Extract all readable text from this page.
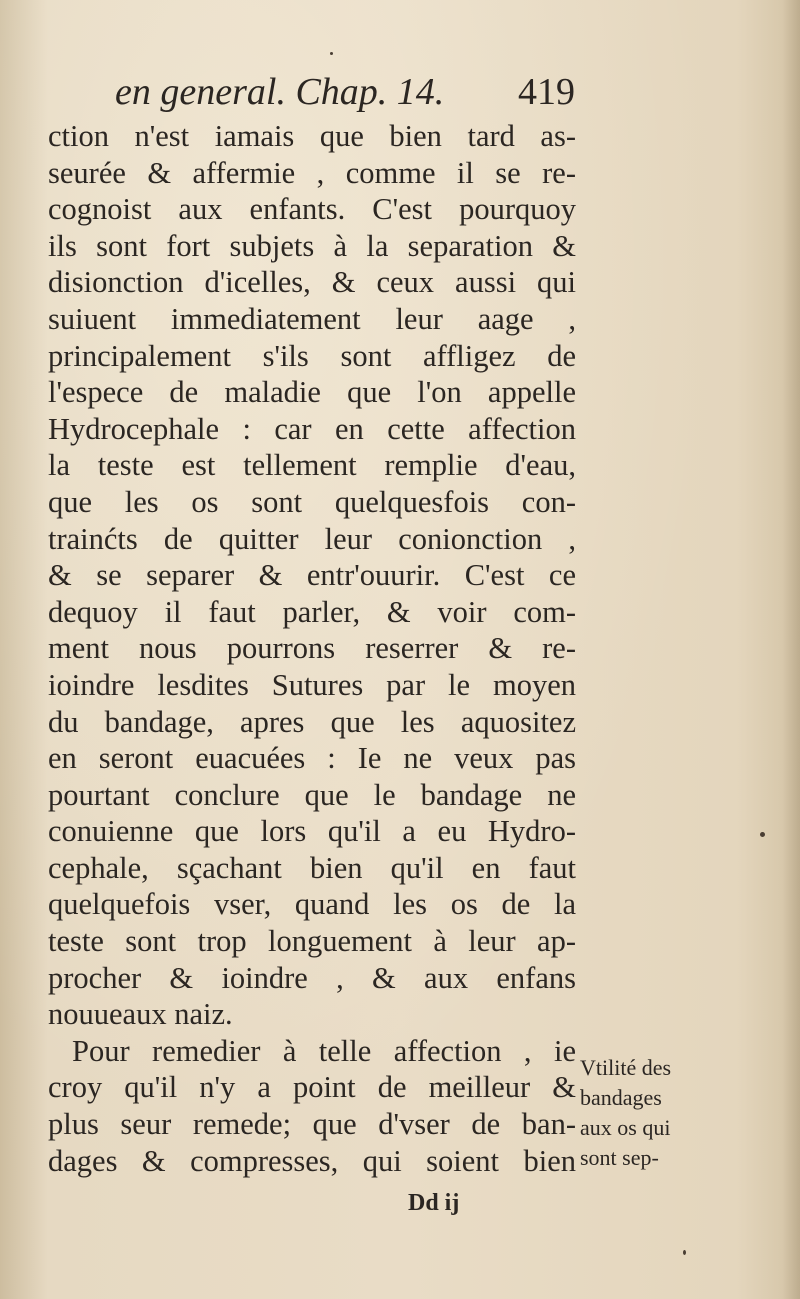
en general. Chap. 14. 419
ction n'est iamais que bien tard as-
seurée & affermie , comme il se re-
cognoist aux enfants. C'est pourquoy
ils sont fort subjets à la separation &
disionction d'icelles, & ceux aussi qui
suiuent immediatement leur aage ,
principalement s'ils sont affligez de
l'espece de maladie que l'on appelle
Hydrocephale : car en cette affection
la teste est tellement remplie d'eau,
que les os sont quelquesfois con-
trainćts de quitter leur conionction ,
& se separer & entr'ouurir. C'est ce
dequoy il faut parler, & voir com-
ment nous pourrons reserrer & re-
ioindre lesdites Sutures par le moyen
du bandage, apres que les aquositez
en seront euacuées : Ie ne veux pas
pourtant conclure que le bandage ne
conuienne que lors qu'il a eu Hydro-
cephale, sçachant bien qu'il en faut
quelquefois vser, quand les os de la
teste sont trop longuement à leur ap-
procher & ioindre , & aux enfans
nouueaux naiz.
Pour remedier à telle affection , ie
croy qu'il n'y a point de meilleur &
plus seur remede; que d'vser de ban-
dages & compresses, qui soient bien
Vtilité des
bandages
aux os qui
sont sep-
Dd ij
